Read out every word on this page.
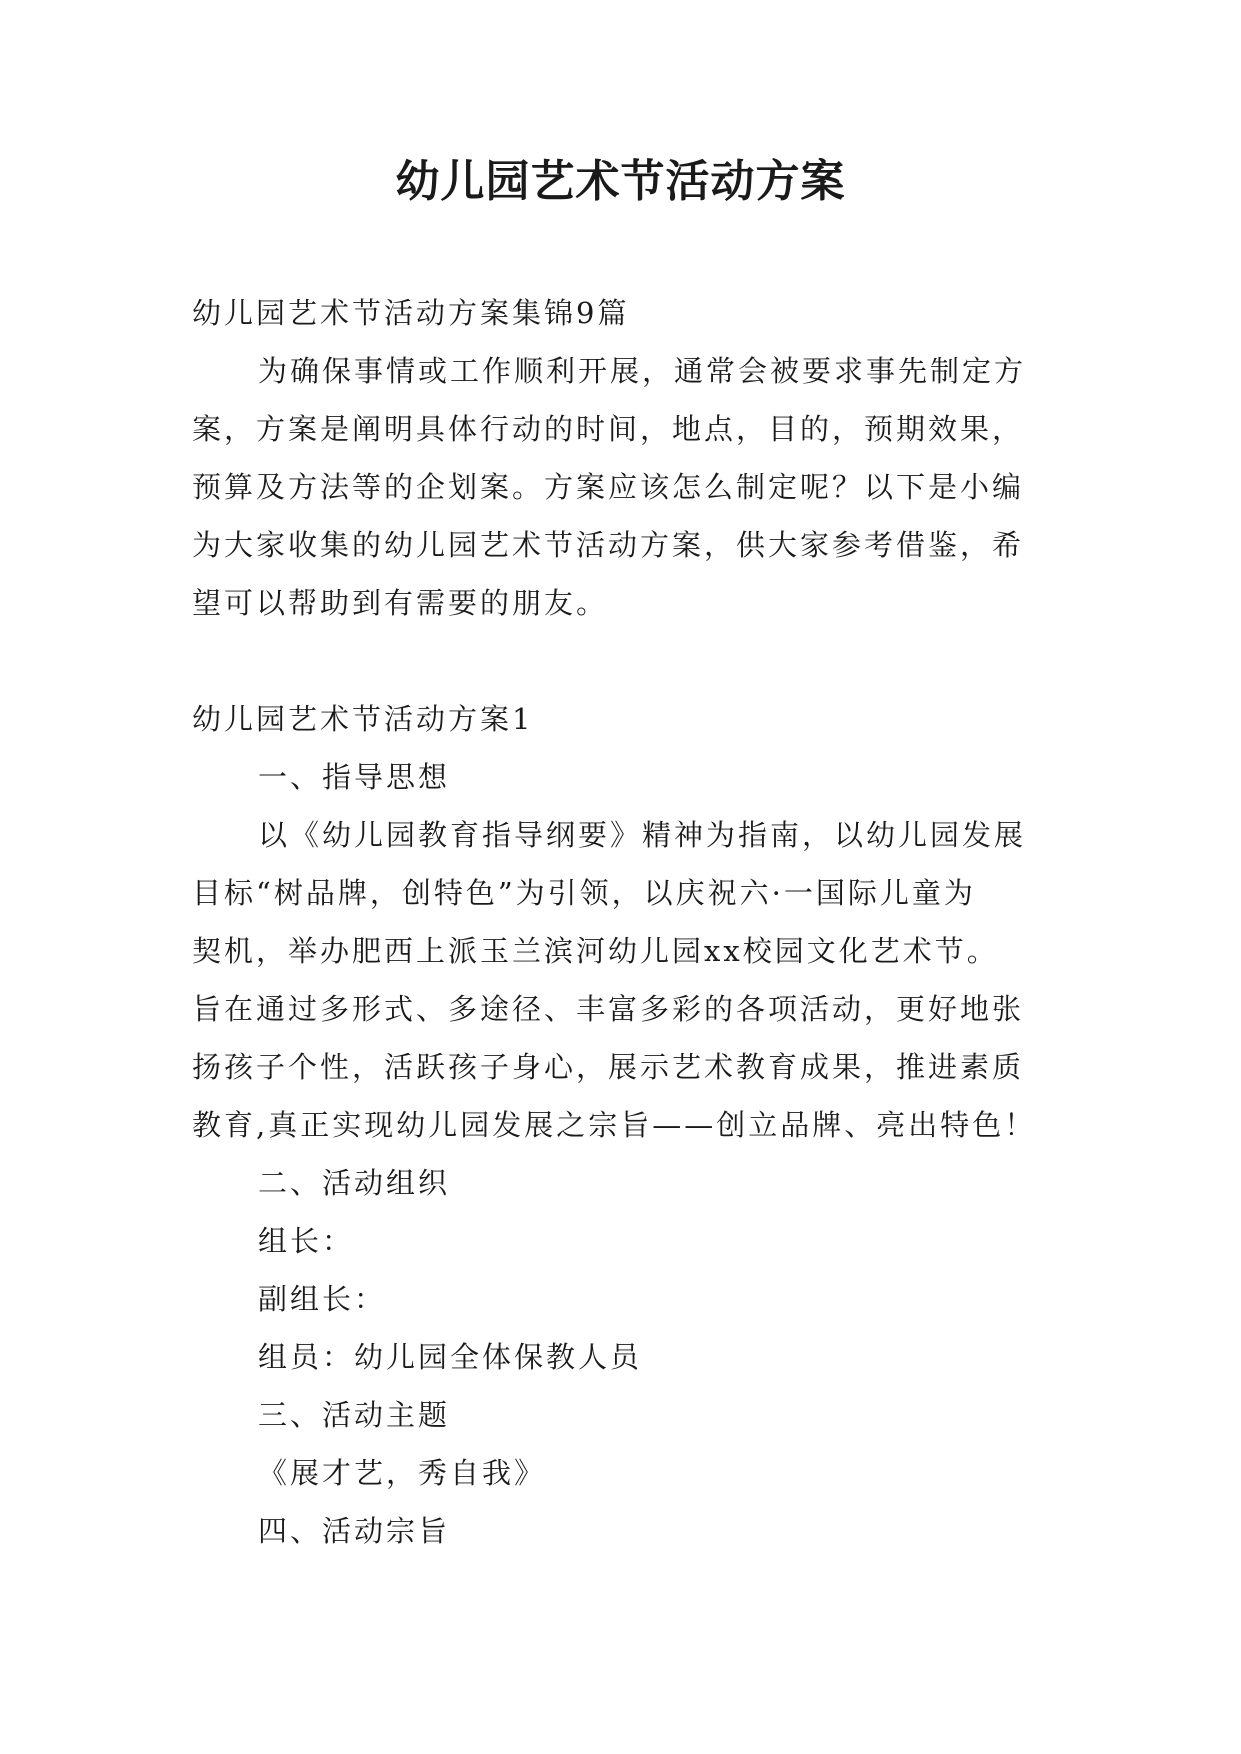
幼儿园艺术节活动方案

幼儿园艺术节活动方案集锦9篇

为确保事情或工作顺利开展，通常会被要求事先制定方

案，方案是阐明具体行动的时间，地点，目的，预期效果，

预算及方法等的企划案。方案应该怎么制定呢？以下是小编

为大家收集的幼儿园艺术节活动方案，供大家参考借鉴，希

望可以帮助到有需要的朋友。

幼儿园艺术节活动方案1

一、指导思想

以《幼儿园教育指导纲要》精神为指南，以幼儿园发展

目标“树品牌，创特色”为引领，以庆祝六·一国际儿童为

契机，举办肥西上派玉兰滨河幼儿园xx校园文化艺术节。

旨在通过多形式、多途径、丰富多彩的各项活动，更好地张

扬孩子个性，活跃孩子身心，展示艺术教育成果，推进素质

教育,真正实现幼儿园发展之宗旨——创立品牌、亮出特色！

二、活动组织

组长：

副组长：

组员：幼儿园全体保教人员

三、活动主题

《展才艺，秀自我》

四、活动宗旨
